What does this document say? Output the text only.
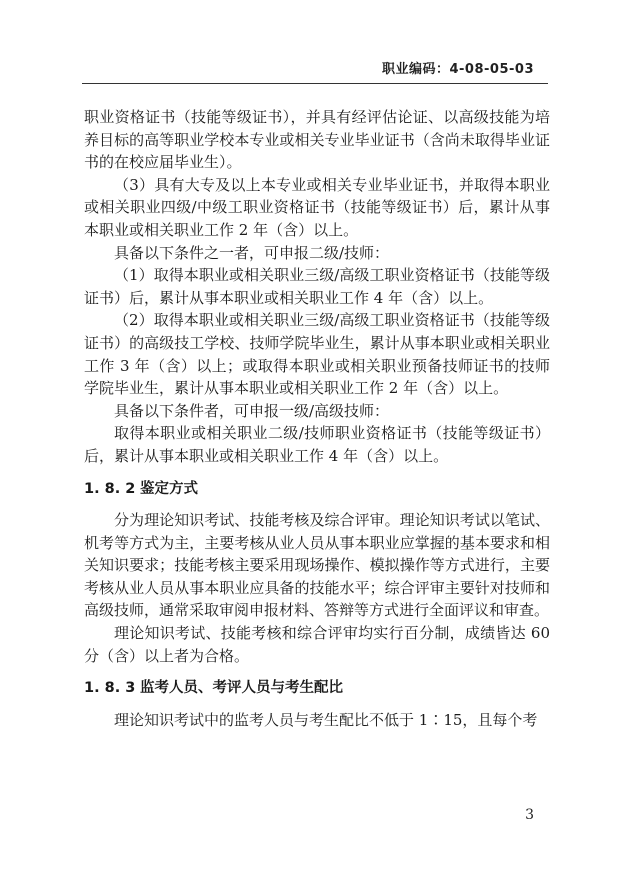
职业编码：4-08-05-03

职业资格证书（技能等级证书），并具有经评估论证、以高级技能为培养目标的高等职业学校本专业或相关专业毕业证书（含尚未取得毕业证书的在校应届毕业生）。

（3）具有大专及以上本专业或相关专业毕业证书，并取得本职业或相关职业四级/中级工职业资格证书（技能等级证书）后，累计从事本职业或相关职业工作 2 年（含）以上。

具备以下条件之一者，可申报二级/技师：

（1）取得本职业或相关职业三级/高级工职业资格证书（技能等级证书）后，累计从事本职业或相关职业工作 4 年（含）以上。

（2）取得本职业或相关职业三级/高级工职业资格证书（技能等级证书）的高级技工学校、技师学院毕业生，累计从事本职业或相关职业工作 3 年（含）以上；或取得本职业或相关职业预备技师证书的技师学院毕业生，累计从事本职业或相关职业工作 2 年（含）以上。

具备以下条件者，可申报一级/高级技师：

取得本职业或相关职业二级/技师职业资格证书（技能等级证书）后，累计从事本职业或相关职业工作 4 年（含）以上。

1. 8. 2 鉴定方式

分为理论知识考试、技能考核及综合评审。理论知识考试以笔试、机考等方式为主，主要考核从业人员从事本职业应掌握的基本要求和相关知识要求；技能考核主要采用现场操作、模拟操作等方式进行，主要考核从业人员从事本职业应具备的技能水平；综合评审主要针对技师和高级技师，通常采取审阅申报材料、答辩等方式进行全面评议和审查。

理论知识考试、技能考核和综合评审均实行百分制，成绩皆达 60 分（含）以上者为合格。

1. 8. 3 监考人员、考评人员与考生配比

理论知识考试中的监考人员与考生配比不低于 1∶15，且每个考

3
